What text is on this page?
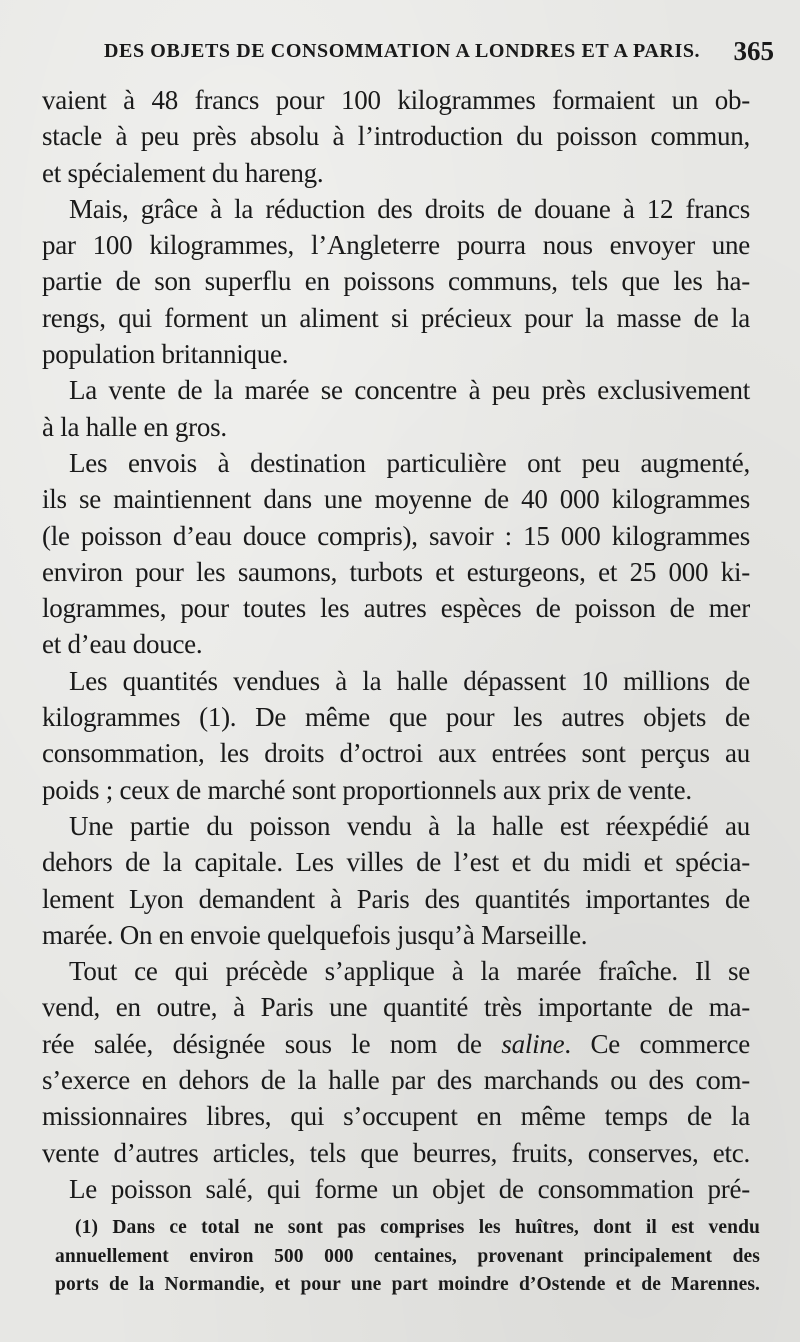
DES OBJETS DE CONSOMMATION A LONDRES ET A PARIS. 365
vaient à 48 francs pour 100 kilogrammes formaient un ob-
stacle à peu près absolu à l’introduction du poisson commun,
et spécialement du hareng.
Mais, grâce à la réduction des droits de douane à 12 francs
par 100 kilogrammes, l’Angleterre pourra nous envoyer une
partie de son superflu en poissons communs, tels que les ha-
rengs, qui forment un aliment si précieux pour la masse de la
population britannique.
La vente de la marée se concentre à peu près exclusivement
à la halle en gros.
Les envois à destination particulière ont peu augmenté,
ils se maintiennent dans une moyenne de 40 000 kilogrammes
(le poisson d’eau douce compris), savoir : 15 000 kilogrammes
environ pour les saumons, turbots et esturgeons, et 25 000 ki-
logrammes, pour toutes les autres espèces de poisson de mer
et d’eau douce.
Les quantités vendues à la halle dépassent 10 millions de
kilogrammes (1). De même que pour les autres objets de
consommation, les droits d’octroi aux entrées sont perçus au
poids ; ceux de marché sont proportionnels aux prix de vente.
Une partie du poisson vendu à la halle est réexpédié au
dehors de la capitale. Les villes de l’est et du midi et spécia-
lement Lyon demandent à Paris des quantités importantes de
marée. On en envoie quelquefois jusqu’à Marseille.
Tout ce qui précède s’applique à la marée fraîche. Il se
vend, en outre, à Paris une quantité très importante de ma-
rée salée, désignée sous le nom de saline. Ce commerce
s’exerce en dehors de la halle par des marchands ou des com-
missionnaires libres, qui s’occupent en même temps de la
vente d’autres articles, tels que beurres, fruits, conserves, etc.
Le poisson salé, qui forme un objet de consommation pré-
(1) Dans ce total ne sont pas comprises les huîtres, dont il est vendu
annuellement environ 500 000 centaines, provenant principalement des
ports de la Normandie, et pour une part moindre d’Ostende et de Marennes.
